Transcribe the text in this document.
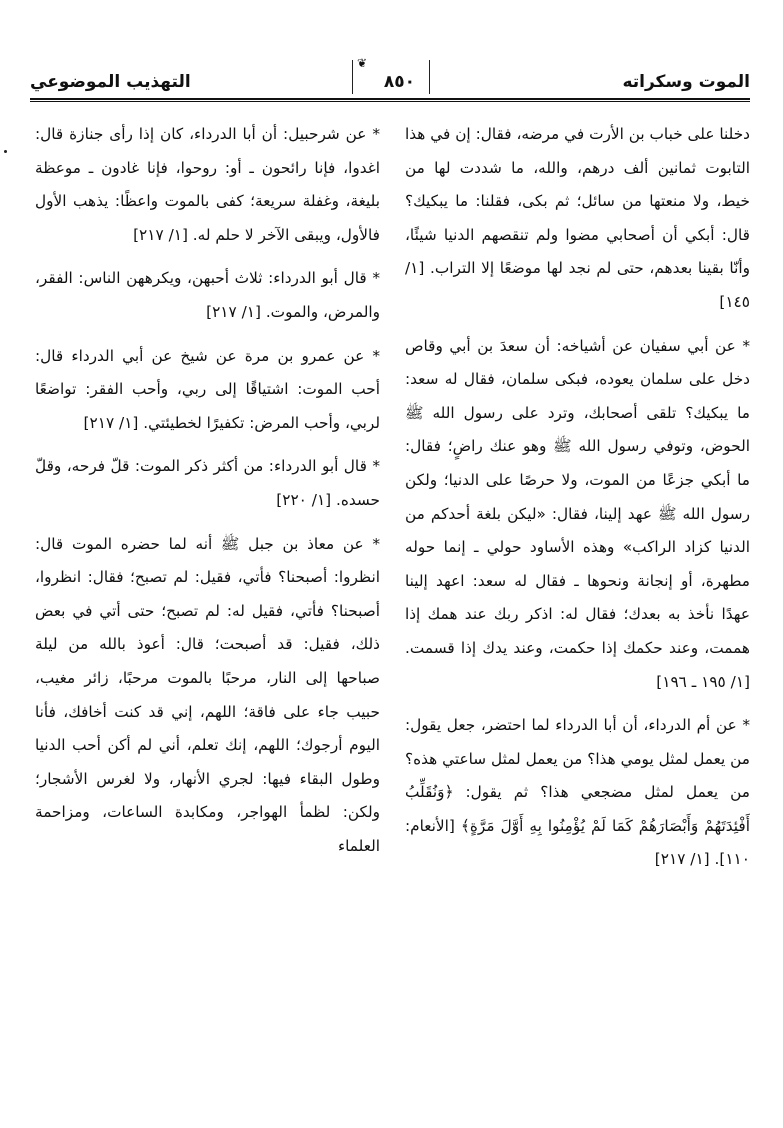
الموت وسكراته
❦
٨٥٠
التهذيب الموضوعي

دخلنا على خباب بن الأرت في مرضه، فقال: إن في هذا التابوت ثمانين ألف درهم، والله، ما شددت لها من خيط، ولا منعتها من سائل؛ ثم بكى، فقلنا: ما يبكيك؟ قال: أبكي أن أصحابي مضوا ولم تنقصهم الدنيا شيئًا، وأنّا بقينا بعدهم، حتى لم نجد لها موضعًا إلا التراب. [١/ ١٤٥]

* عن أبي سفيان عن أشياخه: أن سعدَ بن أبي وقاص دخل على سلمان يعوده، فبكى سلمان، فقال له سعد: ما يبكيك؟ تلقى أصحابك، وترد على رسول الله ﷺ الحوض، وتوفي رسول الله ﷺ وهو عنك راضٍ؛ فقال: ما أبكي جزعًا من الموت، ولا حرصًا على الدنيا؛ ولكن رسول الله ﷺ عهد إلينا، فقال: «ليكن بلغة أحدكم من الدنيا كزاد الراكب» وهذه الأساود حولي ـ إنما حوله مطهرة، أو إنجانة ونحوها ـ فقال له سعد: اعهد إلينا عهدًا نأخذ به بعدك؛ فقال له: اذكر ربك عند همك إذا هممت، وعند حكمك إذا حكمت، وعند يدك إذا قسمت. [١/ ١٩٥ ـ ١٩٦]

* عن أم الدرداء، أن أبا الدرداء لما احتضر، جعل يقول: من يعمل لمثل يومي هذا؟ من يعمل لمثل ساعتي هذه؟ من يعمل لمثل مضجعي هذا؟ ثم يقول: ﴿وَنُقَلِّبُ أَفْئِدَتَهُمْ وَأَبْصَارَهُمْ كَمَا لَمْ يُؤْمِنُوا بِهِ أَوَّلَ مَرَّةٍ﴾ [الأنعام: ١١٠]. [١/ ٢١٧]

* عن شرحبيل: أن أبا الدرداء، كان إذا رأى جنازة قال: اغدوا، فإنا رائحون ـ أو: روحوا، فإنا غادون ـ موعظة بليغة، وغفلة سريعة؛ كفى بالموت واعظًا: يذهب الأول فالأول، ويبقى الآخر لا حلم له. [١/ ٢١٧]

* قال أبو الدرداء: ثلاث أحبهن، ويكرههن الناس: الفقر، والمرض، والموت. [١/ ٢١٧]

* عن عمرو بن مرة عن شيخ عن أبي الدرداء قال: أحب الموت: اشتياقًا إلى ربي، وأحب الفقر: تواضعًا لربي، وأحب المرض: تكفيرًا لخطيئتي. [١/ ٢١٧]

* قال أبو الدرداء: من أكثر ذكر الموت: قلّ فرحه، وقلّ حسده. [١/ ٢٢٠]

* عن معاذ بن جبل ﷺ أنه لما حضره الموت قال: انظروا: أصبحنا؟ فأتي، فقيل: لم تصبح؛ فقال: انظروا، أصبحنا؟ فأتي، فقيل له: لم تصبح؛ حتى أتي في بعض ذلك، فقيل: قد أصبحت؛ قال: أعوذ بالله من ليلة صباحها إلى النار، مرحبًا بالموت مرحبًا، زائر مغيب، حبيب جاء على فاقة؛ اللهم، إني قد كنت أخافك، فأنا اليوم أرجوك؛ اللهم، إنك تعلم، أني لم أكن أحب الدنيا وطول البقاء فيها: لجري الأنهار، ولا لغرس الأشجار؛ ولكن: لظمأ الهواجر، ومكابدة الساعات، ومزاحمة العلماء
